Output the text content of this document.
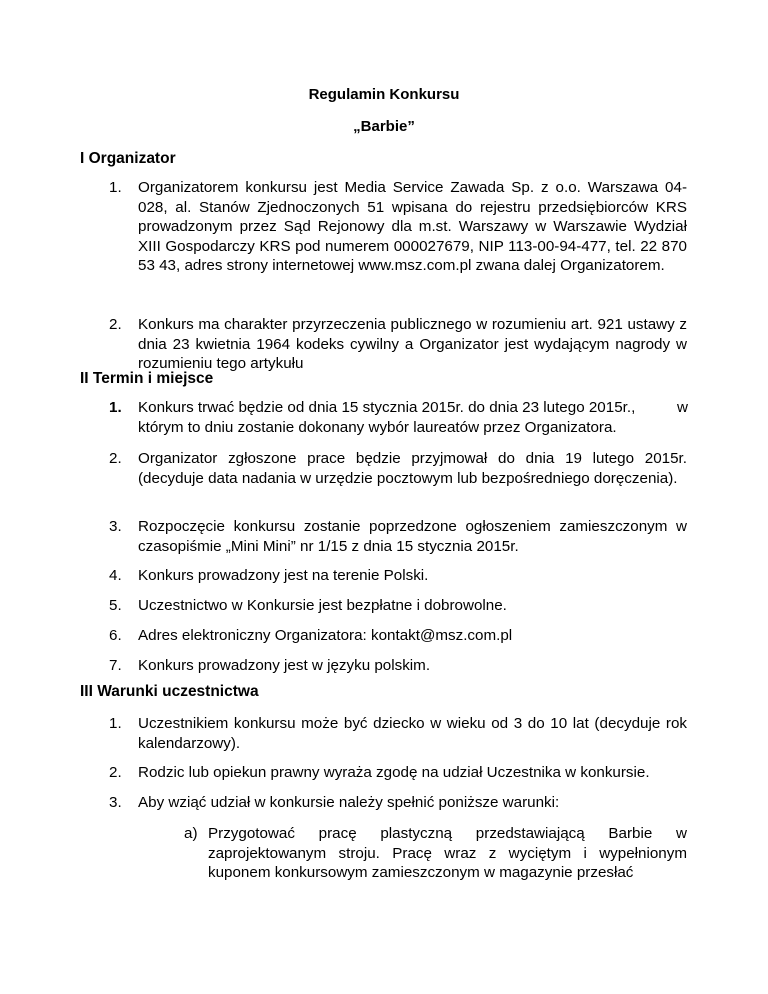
Regulamin Konkursu
„Barbie”
I Organizator
1. Organizatorem konkursu jest Media Service Zawada Sp. z o.o. Warszawa 04-028, al. Stanów Zjednoczonych 51 wpisana do rejestru przedsiębiorców KRS prowadzonym przez Sąd Rejonowy dla m.st. Warszawy w Warszawie Wydział XIII Gospodarczy KRS pod numerem 000027679, NIP 113-00-94-477, tel. 22 870 53 43, adres strony internetowej www.msz.com.pl zwana dalej Organizatorem.
2. Konkurs ma charakter przyrzeczenia publicznego w rozumieniu art. 921 ustawy z dnia 23 kwietnia 1964 kodeks cywilny a Organizator jest wydającym nagrody w rozumieniu tego artykułu
II Termin i miejsce
1. Konkurs trwać będzie od dnia 15 stycznia 2015r. do dnia 23 lutego 2015r., którym to dniu zostanie dokonany wybór laureatów przez Organizatora.
w
2. Organizator zgłoszone prace będzie przyjmował do dnia 19 lutego 2015r. (decyduje data nadania w urzędzie pocztowym lub bezpośredniego doręczenia).
3. Rozpoczęcie konkursu zostanie poprzedzone ogłoszeniem zamieszczonym w czasopiśmie „Mini Mini” nr 1/15 z dnia 15 stycznia 2015r.
4. Konkurs prowadzony jest na terenie Polski.
5. Uczestnictwo w Konkursie jest bezpłatne i dobrowolne.
6. Adres elektroniczny Organizatora: kontakt@msz.com.pl
7. Konkurs prowadzony jest w języku polskim.
III Warunki uczestnictwa
1. Uczestnikiem konkursu może być dziecko w wieku od 3 do 10 lat (decyduje rok kalendarzowy).
2. Rodzic lub opiekun prawny wyraża zgodę na udział Uczestnika w konkursie.
3. Aby wziąć udział w konkursie należy spełnić poniższe warunki:
a) Przygotować pracę plastyczną przedstawiającą Barbie w zaprojektowanym stroju. Pracę wraz z wyciętym i wypełnionym kuponem konkursowym zamieszczonym w magazynie przesłać
